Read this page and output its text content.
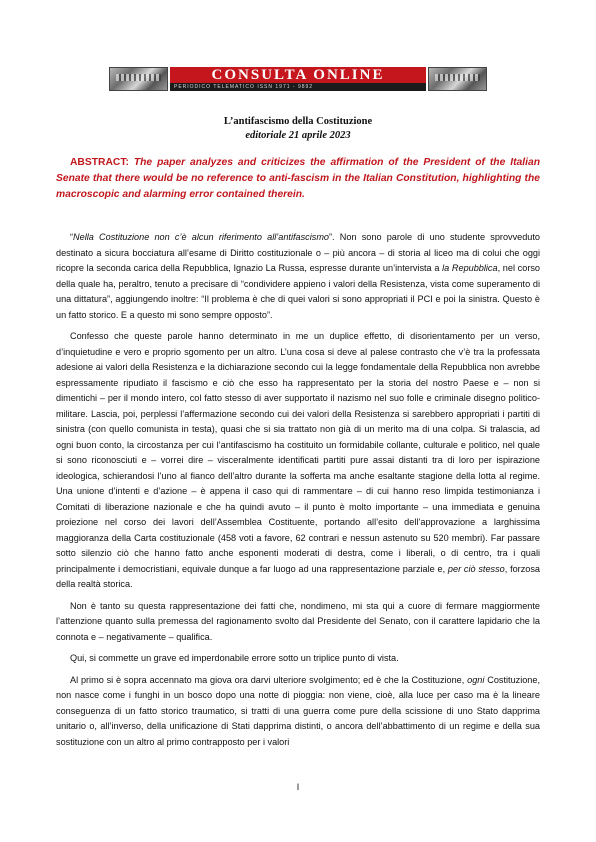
CONSULTA ONLINE
PERIODICO TELEMATICO ISSN 1971 - 9892
L’antifascismo della Costituzione
editoriale 21 aprile 2023

ABSTRACT: The paper analyzes and criticizes the affirmation of the President of the Italian Senate that there would be no reference to anti-fascism in the Italian Constitution, highlighting the macroscopic and alarming error contained therein.

“Nella Costituzione non c’è alcun riferimento all’antifascismo”. Non sono parole di uno studente sprovveduto destinato a sicura bocciatura all’esame di Diritto costituzionale o – più ancora – di storia al liceo ma di colui che oggi ricopre la seconda carica della Repubblica, Ignazio La Russa, espresse durante un’intervista a la Repubblica, nel corso della quale ha, peraltro, tenuto a precisare di “condividere appieno i valori della Resistenza, vista come superamento di una dittatura”, aggiungendo inoltre: “Il problema è che di quei valori si sono appropriati il PCI e poi la sinistra. Questo è un fatto storico. E a questo mi sono sempre opposto”.

Confesso che queste parole hanno determinato in me un duplice effetto, di disorientamento per un verso, d’inquietudine e vero e proprio sgomento per un altro. L’una cosa si deve al palese contrasto che v’è tra la professata adesione ai valori della Resistenza e la dichiarazione secondo cui la legge fondamentale della Repubblica non avrebbe espressamente ripudiato il fascismo e ciò che esso ha rappresentato per la storia del nostro Paese e – non si dimentichi – per il mondo intero, col fatto stesso di aver supportato il nazismo nel suo folle e criminale disegno politico-militare. Lascia, poi, perplessi l’affermazione secondo cui dei valori della Resistenza si sarebbero appropriati i partiti di sinistra (con quello comunista in testa), quasi che si sia trattato non già di un merito ma di una colpa. Si tralascia, ad ogni buon conto, la circostanza per cui l’antifascismo ha costituito un formidabile collante, culturale e politico, nel quale si sono riconosciuti e – vorrei dire – visceralmente identificati partiti pure assai distanti tra di loro per ispirazione ideologica, schierandosi l’uno al fianco dell’altro durante la sofferta ma anche esaltante stagione della lotta al regime. Una unione d’intenti e d’azione – è appena il caso qui di rammentare – di cui hanno reso limpida testimonianza i Comitati di liberazione nazionale e che ha quindi avuto – il punto è molto importante – una immediata e genuina proiezione nel corso dei lavori dell’Assemblea Costituente, portando all’esito dell’approvazione a larghissima maggioranza della Carta costituzionale (458 voti a favore, 62 contrari e nessun astenuto su 520 membri). Far passare sotto silenzio ciò che hanno fatto anche esponenti moderati di destra, come i liberali, o di centro, tra i quali principalmente i democristiani, equivale dunque a far luogo ad una rappresentazione parziale e, per ciò stesso, forzosa della realtà storica.

Non è tanto su questa rappresentazione dei fatti che, nondimeno, mi sta qui a cuore di fermare maggiormente l’attenzione quanto sulla premessa del ragionamento svolto dal Presidente del Senato, con il carattere lapidario che la connota e – negativamente – qualifica.

Qui, si commette un grave ed imperdonabile errore sotto un triplice punto di vista.

Al primo si è sopra accennato ma giova ora darvi ulteriore svolgimento; ed è che la Costituzione, ogni Costituzione, non nasce come i funghi in un bosco dopo una notte di pioggia: non viene, cioè, alla luce per caso ma è la lineare conseguenza di un fatto storico traumatico, si tratti di una guerra come pure della scissione di uno Stato dapprima unitario o, all’inverso, della unificazione di Stati dapprima distinti, o ancora dell’abbattimento di un regime e della sua sostituzione con un altro al primo contrapposto per i valori

I
